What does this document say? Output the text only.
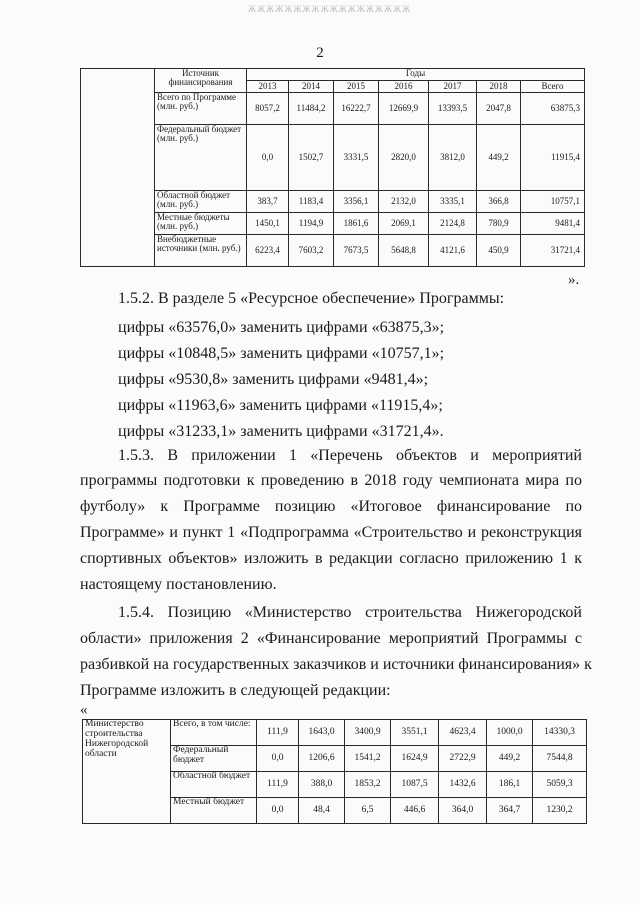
ЖЖЖЖЖЖЖЖЖЖЖЖЖЖЖЖЖЖ
2
	Источник финансирования	Годы						
		2013	2014	2015	2016	2017	2018	Всего
	Всего по Программе (млн. руб.)	8057,2	11484,2	16222,7	12669,9	13393,5	2047,8	63875,3
	Федеральный бюджет (млн. руб.)	0,0	1502,7	3331,5	2820,0	3812,0	449,2	11915,4
	Областной бюджет (млн. руб.)	383,7	1183,4	3356,1	2132,0	3335,1	366,8	10757,1
	Местные бюджеты (млн. руб.)	1450,1	1194,9	1861,6	2069,1	2124,8	780,9	9481,4
	Внебюджетные источники (млн. руб.)	6223,4	7603,2	7673,5	5648,8	4121,6	450,9	31721,4
».
1.5.2. В разделе 5 «Ресурсное обеспечение» Программы:
цифры «63576,0» заменить цифрами «63875,3»;
цифры «10848,5» заменить цифрами «10757,1»;
цифры «9530,8» заменить цифрами «9481,4»;
цифры «11963,6» заменить цифрами «11915,4»;
цифры «31233,1» заменить цифрами «31721,4».
1.5.3. В приложении 1 «Перечень объектов и мероприятий
программы подготовки к проведению в 2018 году чемпионата мира по
футболу» к Программе позицию «Итоговое финансирование по
Программе» и пункт 1 «Подпрограмма «Строительство и реконструкция
спортивных объектов» изложить в редакции согласно приложению 1 к
настоящему постановлению.
1.5.4. Позицию «Министерство строительства Нижегородской
области» приложения 2 «Финансирование мероприятий Программы с
разбивкой на государственных заказчиков и источники финансирования» к
Программе изложить в следующей редакции:
«
Министерство строительства Нижегородской области	Всего, в том числе:	111,9	1643,0	3400,9	3551,1	4623,4	1000,0	14330,3
	Федеральный бюджет	0,0	1206,6	1541,2	1624,9	2722,9	449,2	7544,8
	Областной бюджет	111,9	388,0	1853,2	1087,5	1432,6	186,1	5059,3
	Местный бюджет	0,0	48,4	6,5	446,6	364,0	364,7	1230,2
